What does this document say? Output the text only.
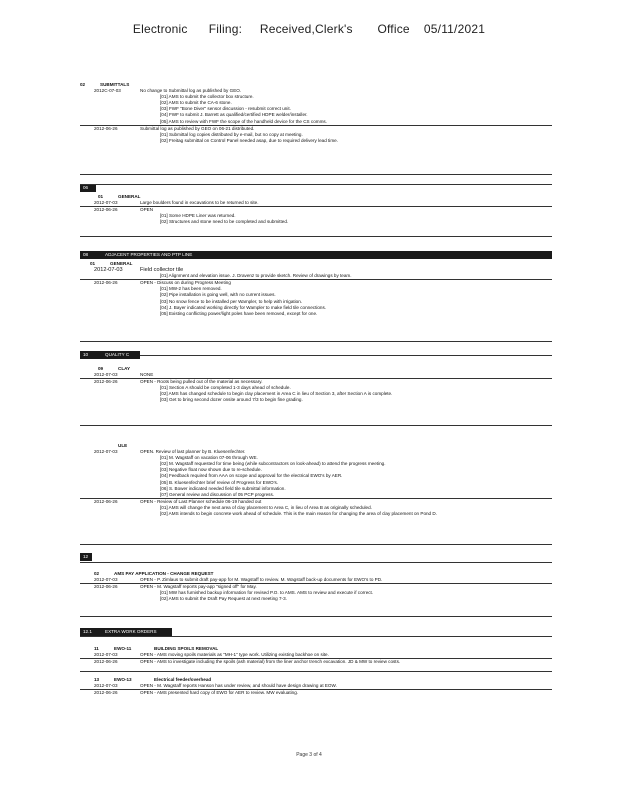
Electronic      Filing:     Received,Clerk's       Office    05/11/2021
02	SUBMITTALS
2012C-07-03	No change to Submittal log as published by GEO.
[01] AMS to submit the collector box structure.
[02] AMS to submit the CA-6 stone.
[03] FWF "Bone Diver" sensor discussion - resubmit correct unit.
[04] FWF to submit J. Barrett as qualified/certified HDPE welder/installer.
[05] AMS to review with FWF the scope of the handheld device for the CS comms.
2012-06-26	Submittal log as published by GEO on 06-21 distributed.
[01] Submittal log copies distributed by e-mail, but no copy at meeting.
[02] Freitag submittal on Control Panel needed asap, due to required delivery lead time.
06
01	GENERAL
2012-07-03	Large boulders found in excavations to be returned to site.
2012-06-26	OPEN
[01] Some HDPE Liner was returned.
[02] Structures and stone need to be completed and submitted.
08	ADJACENT PROPERTIES AND PTP LINE
01	GENERAL
2012-07-03	Field collector tile
[01] Alignment and elevation issue. J. Dravenz to provide sketch. Review of drawings by team.
2012-06-26	OPEN - Discuss on during Progress Meeting
[01] MW-2 has been removed.
[02] Pipe installation is going well, with no current issues.
[03] No snow fence to be installed per Wampler, to help with irrigation.
[04] J. Bayer indicated working directly for Wampler to make field tile connections.
[05] Existing conflicting power/light poles have been removed, except for one.
10	QUALITY C
09	CLAY
2012-07-03	NONE
2012-06-26	OPEN - Roots being pulled out of the material as necessary.
[01] Section A should be completed 1-3 days ahead of schedule.
[02] AMS has changed schedule to begin clay placement in Area C in lieu of Section 3, after Section A is complete.
[03] Get to bring second dozer onsite around 7/3 to begin fine grading.
ULE
2012-07-03	OPEN. Review of last planner by B. Kluesenfechter.
[01] M. Wagstaff on vacation 07-06 through WE.
[02] M. Wagstaff requested for time being (while subcontractors on look-ahead) to attend the progress meeting.
[03] Negative float now shown due to re-schedule.
[04] Feedback required from AAA on scope and approval for the electrical EWO's by AER.
[05] B. Kluesenfechter brief review of Progress for EWO's.
[06] S. Bower indicated needed field tile submittal information.
[07] General review and discussion of 05 PCP progress.
2012-06-26	OPEN - Review of Last Planner schedule 06-19 handed out
[01] AMS will change the next area of clay placement to Area C, in lieu of Area B as originally scheduled.
[02] AMS intends to begin concrete work ahead of schedule. This is the main reason for changing the area of clay placement on Pond D.
12
02	AMS PAY APPLICATION - CHANGE REQUEST
2012-07-03	OPEN - P. Zimlaus to submit draft pay-app for M. Wagstaff to review. M. Wagstaff back-up documents for EWO's to PD.
2012-06-26	OPEN - M. Wagstaff reports pay-app "signed off" for May.
[01] MW has furnished backup information for revised P.O. to AMS. AMS to review and execute if correct.
[02] AMS to submit the Draft Pay Request at next meeting 7-3.
12.1	EXTRA WORK ORDERS
11	EWO-11	BUILDING SPOILS REMOVAL
2012-07-03	OPEN - AMS moving spoils materials as "MH-1" type work. Utilizing existing backhoe on site.
2012-06-26	OPEN - AMS to investigate including the spoils (ash material) from the liner anchor trench excavation. JD & MW to review costs.
13	EWO-13	Electrical feeder/overhead
2012-07-03	OPEN - M. Wagstaff reports Hanson has under review, and should have design drawing at EOW.
2012-06-26	OPEN - AMS presented hard copy of EWO for AER to review. MW evaluating.
Page 3 of 4
